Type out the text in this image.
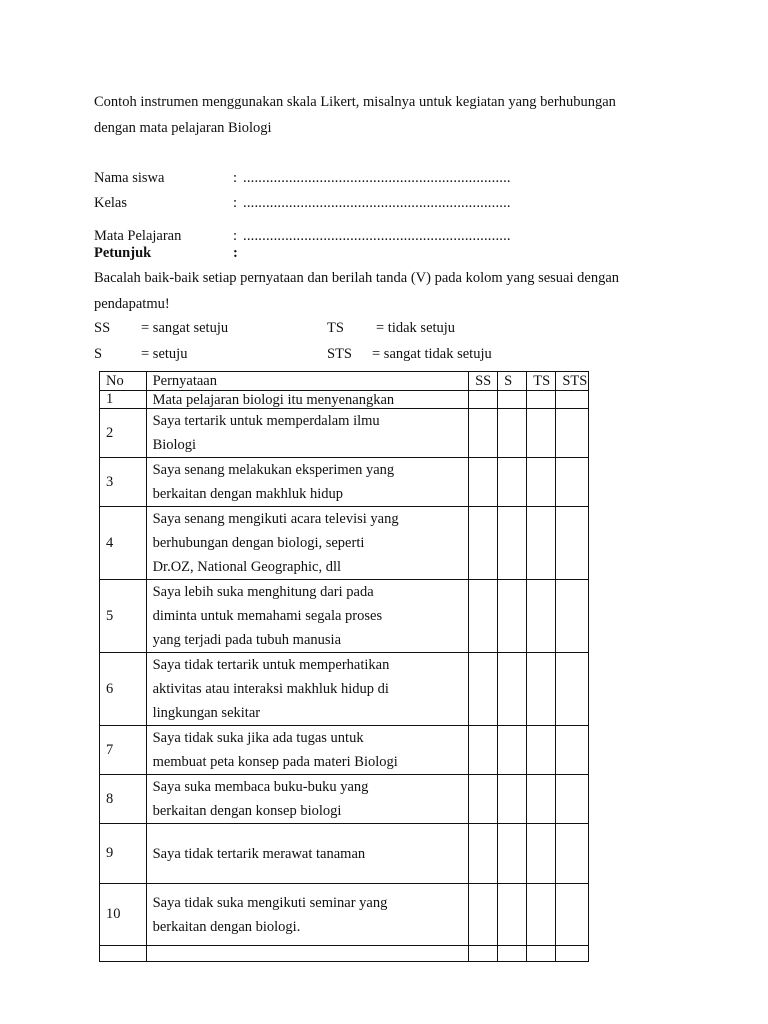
Contoh instrumen menggunakan skala Likert, misalnya untuk kegiatan yang berhubungan
dengan mata pelajaran Biologi
Nama siswa	: ......................................................................
Kelas	: ......................................................................
Mata Pelajaran	: ......................................................................
Petunjuk	:
Bacalah baik-baik setiap pernyataan dan berilah tanda (V) pada kolom yang sesuai dengan
pendapatmu!
SS = sangat setuju	TS = tidak setuju
S	= setuju	STS = sangat tidak setuju
No	Pernyataan	SS	S	TS	STS
1	Mata pelajaran biologi itu menyenangkan				

2	Saya tertarik untuk memperdalam ilmu
Biologi				

3	Saya senang melakukan eksperimen yang
berkaitan dengan makhluk hidup				

4	Saya senang mengikuti acara televisi yang
berhubungan dengan biologi, seperti
Dr.OZ, National Geographic, dll				

5	Saya lebih suka menghitung dari pada
diminta untuk memahami segala proses
yang terjadi pada tubuh manusia				

6	Saya tidak tertarik untuk memperhatikan
aktivitas atau interaksi makhluk hidup di
lingkungan sekitar				

7	Saya tidak suka jika ada tugas untuk
membuat peta konsep pada materi Biologi				

8	Saya suka membaca buku-buku yang
berkaitan dengan konsep biologi				

9	Saya tidak tertarik merawat tanaman				

10	Saya tidak suka mengikuti seminar yang
berkaitan dengan biologi.				
